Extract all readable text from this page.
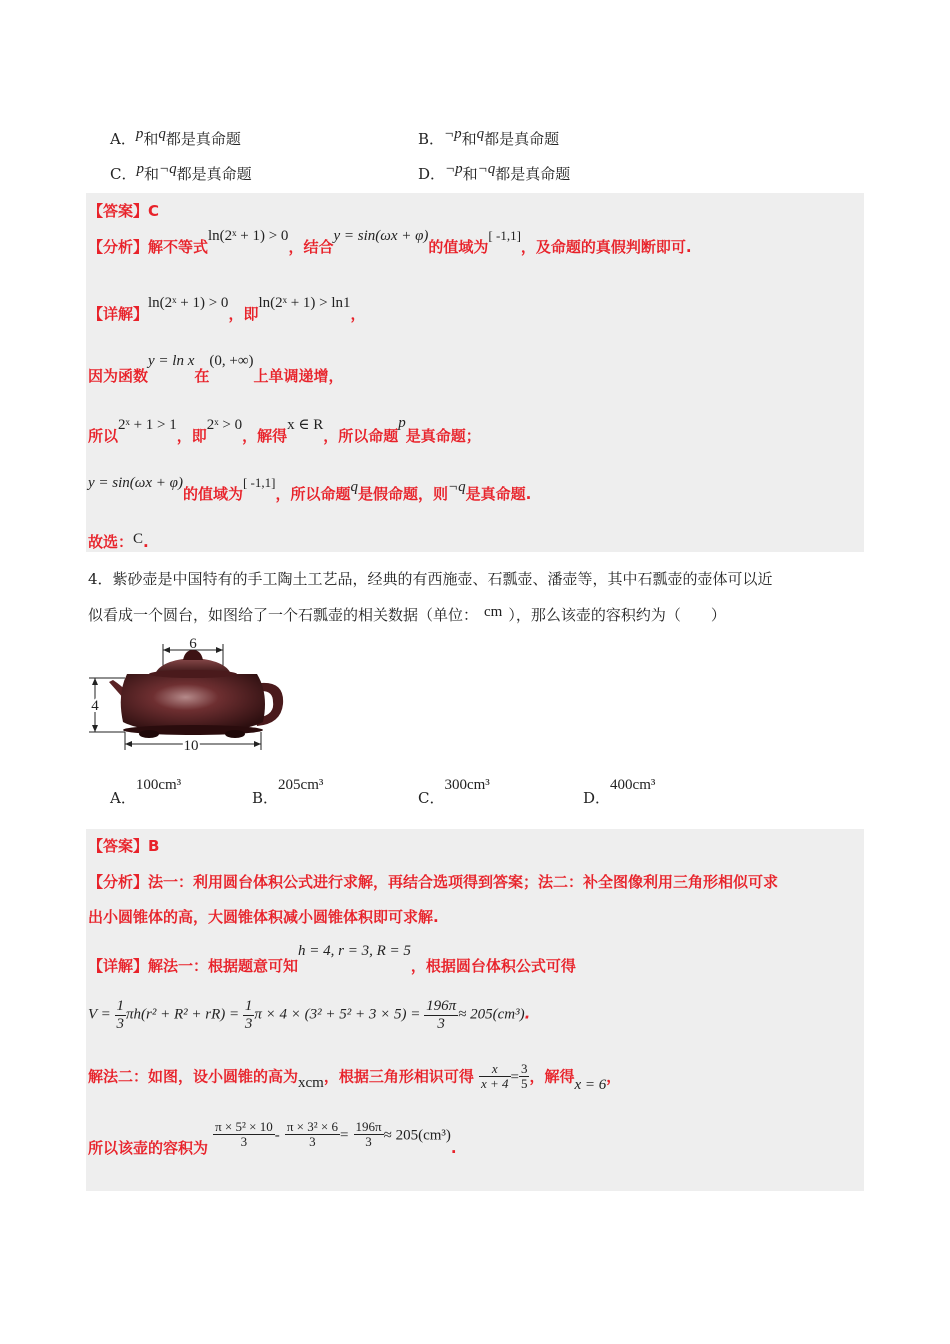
A．p和q都是真命题	B．¬p和q都是真命题
C．p和¬q都是真命题	D．¬p和¬q都是真命题
【答案】C
【分析】解不等式ln(2ˣ + 1) > 0，结合y = sin(ωx + φ)的值域为[ -1,1]，及命题的真假判断即可.
【详解】ln(2ˣ + 1) > 0，即ln(2ˣ + 1) > ln1，
因为函数y = ln x在(0, +∞)上单调递增，
所以2ˣ + 1 > 1，即2ˣ > 0，解得x ∈ R，所以命题p是真命题；
y = sin(ωx + φ)的值域为[ -1,1]，所以命题q是假命题，则¬q是真命题.
故选：C.
4．紫砂壶是中国特有的手工陶土工艺品，经典的有西施壶、石瓢壶、潘壶等，其中石瓢壶的壶体可以近
似看成一个圆台，如图给了一个石瓢壶的相关数据（单位： cm ），那么该壶的容积约为（　　）
6
4
10
A．100cm³
B．205cm³
C．300cm³
D．400cm³
【答案】B
【分析】法一：利用圆台体积公式进行求解，再结合选项得到答案；法二：补全图像利用三角形相似可求
出小圆锥体的高，大圆锥体积减小圆锥体积即可求解.
【详解】解法一：根据题意可知h = 4, r = 3, R = 5，根据圆台体积公式可得
$V = \frac{1}{3} \pi h(r^2 + R^2 + rR) = \frac{1}{3}$ $\pi \times 4 \times (3^2 + 5^2 + 3 \times 5) = \frac{196\pi}{3} \approx 205(cm^3)$.
解法二：如图，设小圆锥的高为xcm，根据三角形相识可得 $\frac{x}{x + 4} = \frac{3}{5}$ ，解得x = 6，
所以该壶的容积为 $\frac{\text{π × 5² × 10}}{3} - \frac{\text{π × 3² × 6}}{3} = \frac{196\pi}{3} \approx 205(cm^3)$.
